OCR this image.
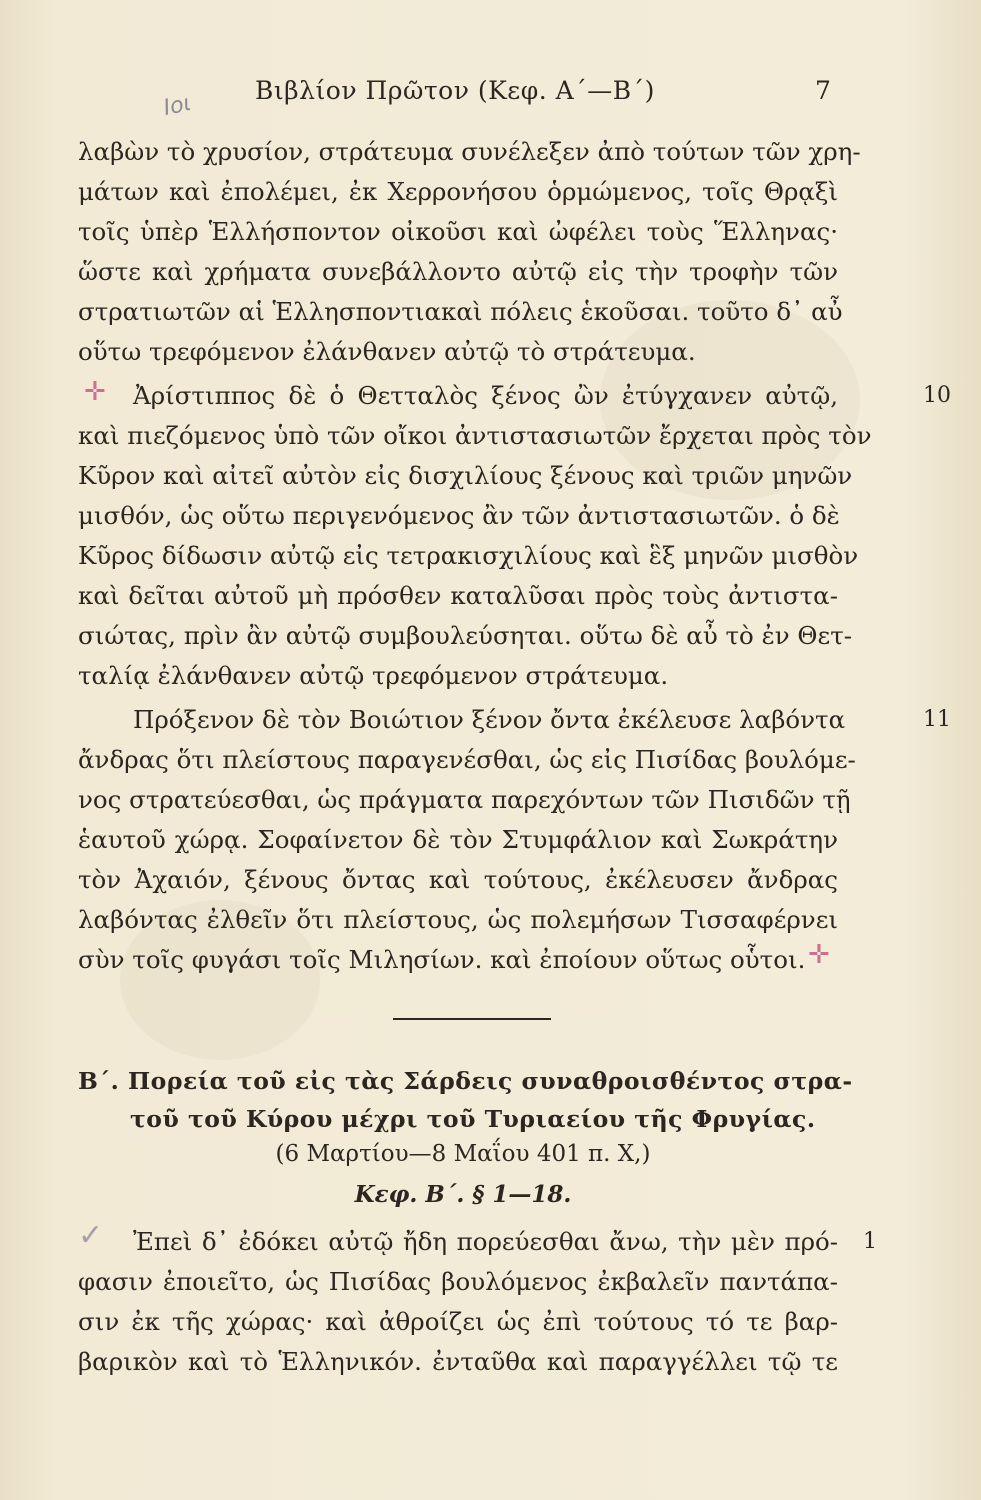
Βιβλίον Πρῶτον (Κεφ. Α΄—Β΄)	7
Ιοι
λαβὼν τὸ χρυσίον, στράτευμα συνέλεξεν ἀπὸ τούτων τῶν χρη-
μάτων καὶ ἐπολέμει, ἐκ Χερρονήσου ὁρμώμενος, τοῖς Θρᾳξὶ
τοῖς ὑπὲρ Ἑλλήσποντον οἰκοῦσι καὶ ὠφέλει τοὺς Ἕλληνας·
ὥστε καὶ χρήματα συνεβάλλοντο αὐτῷ εἰς τὴν τροφὴν τῶν
στρατιωτῶν αἱ Ἑλλησποντιακαὶ πόλεις ἑκοῦσαι. τοῦτο δ᾽ αὖ
οὕτω τρεφόμενον ἐλάνθανεν αὐτῷ τὸ στράτευμα.
Ἀρίστιππος δὲ ὁ Θετταλὸς ξένος ὢν ἐτύγχανεν αὐτῷ,	10
καὶ πιεζόμενος ὑπὸ τῶν οἴκοι ἀντιστασιωτῶν ἔρχεται πρὸς τὸν
Κῦρον καὶ αἰτεῖ αὐτὸν εἰς δισχιλίους ξένους καὶ τριῶν μηνῶν
μισθόν, ὡς οὕτω περιγενόμενος ἂν τῶν ἀντιστασιωτῶν. ὁ δὲ
Κῦρος δίδωσιν αὐτῷ εἰς τετρακισχιλίους καὶ ἓξ μηνῶν μισθὸν
καὶ δεῖται αὐτοῦ μὴ πρόσθεν καταλῦσαι πρὸς τοὺς ἀντιστα-
σιώτας, πρὶν ἂν αὐτῷ συμβουλεύσηται. οὕτω δὲ αὖ τὸ ἐν Θετ-
ταλίᾳ ἐλάνθανεν αὐτῷ τρεφόμενον στράτευμα.
Πρόξενον δὲ τὸν Βοιώτιον ξένον ὄντα ἐκέλευσε λαβόντα	11
ἄνδρας ὅτι πλείστους παραγενέσθαι, ὡς εἰς Πισίδας βουλόμε-
νος στρατεύεσθαι, ὡς πράγματα παρεχόντων τῶν Πισιδῶν τῇ
ἑαυτοῦ χώρᾳ. Σοφαίνετον δὲ τὸν Στυμφάλιον καὶ Σωκράτην
τὸν Ἀχαιόν, ξένους ὄντας καὶ τούτους, ἐκέλευσεν ἄνδρας
λαβόντας ἐλθεῖν ὅτι πλείστους, ὡς πολεμήσων Τισσαφέρνει
σὺν τοῖς φυγάσι τοῖς Μιλησίων. καὶ ἐποίουν οὕτως οὗτοι.
✛
✛
✓
Β΄. Πορεία τοῦ εἰς τὰς Σάρδεις συναθροισθέντος στρα-
τοῦ τοῦ Κύρου μέχρι τοῦ Τυριαείου τῆς Φρυγίας.
(6 Μαρτίου—8 Μαΐου 401 π. Χ,)
Κεφ. Β΄. § 1—18.
Ἐπεὶ δ᾽ ἐδόκει αὐτῷ ἤδη πορεύεσθαι ἄνω, τὴν μὲν πρό- 1
φασιν ἐποιεῖτο, ὡς Πισίδας βουλόμενος ἐκβαλεῖν παντάπα-
σιν ἐκ τῆς χώρας· καὶ ἀθροίζει ὡς ἐπὶ τούτους τό τε βαρ-
βαρικὸν καὶ τὸ Ἑλληνικόν. ἐνταῦθα καὶ παραγγέλλει τῷ τε
